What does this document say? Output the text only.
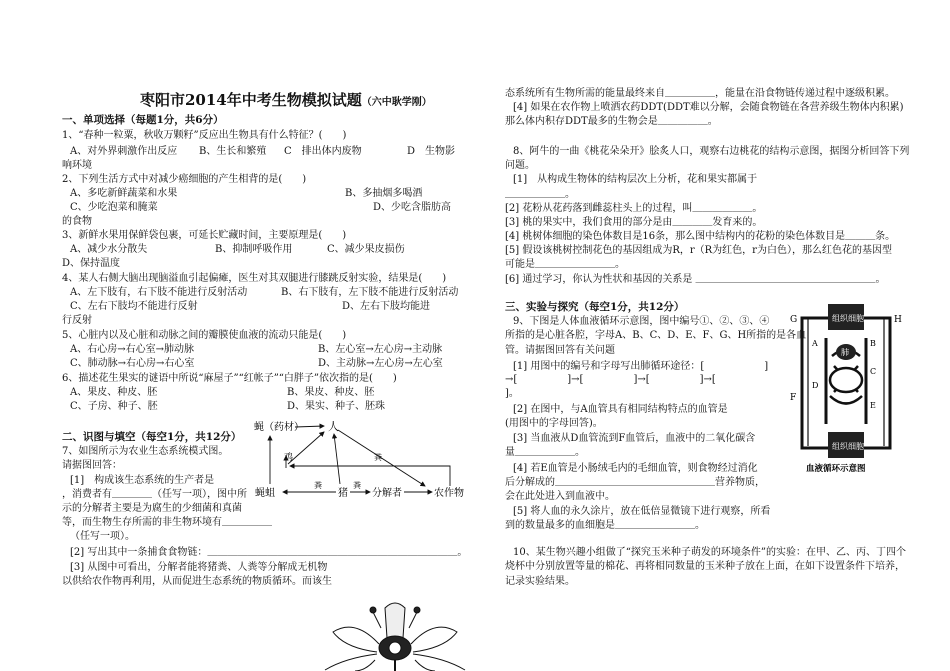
枣阳市2014年中考生物模拟试题（六中耿学刚）
一、单项选择（每题1分，共6分）
1、“春种一粒粟，秋收万颗籽”反应出生物具有什么特征？(　　)
A、对外界刺激作出反应 B、生长和繁殖 C　排出体内废物	D　生物影
响环境
2、下列生活方式中对减少癌细胞的产生相背的是(　　)
A、多吃新鲜蔬菜和水果	B、多抽烟多喝酒
C、少吃泡菜和腌菜	D、少吃含脂肪高
的食物
3、新鲜水果用保鲜袋包裹，可延长贮藏时间，主要原理是(　　)
A、减少水分散失	B、抑制呼吸作用	C、减少果皮损伤
D、保持温度
4、某人右侧大脑出现脑溢血引起偏瘫，医生对其双腿进行膝跳反射实验，结果是(　　)
A、左下肢有，右下肢不能进行反射活动	B、右下肢有，左下肢不能进行反射活动
C、左右下肢均不能进行反射	D、左右下肢均能进
行反射
5、心脏内以及心脏和动脉之间的瓣膜使血液的流动只能是(　　)
A、右心房→右心室→肺动脉	B、左心室→左心房→主动脉
C、肺动脉→右心房→右心室	D、主动脉→左心房→左心室
6、描述花生果实的谜语中所说“麻屋子”“红帐子”“白胖子”依次指的是(　　)
A、果皮、种皮、胚	B、果皮、种皮、胚
C、子房、种子、胚	D、果实、种子、胚珠
二、识图与填空（每空1分，共12分）
7、如图所示为农业生态系统模式图。
请据图回答：
[1]　构成该生态系统的生产者是
，消费者有＿＿＿＿（任写一项），图中所
示的分解者主要是为腐生的少细菌和真菌
等，而生物生存所需的非生物环境有＿＿＿＿＿
（任写一项）。
[2] 写出其中一条捕食食物链：＿＿＿＿＿＿＿＿＿＿＿＿＿＿＿＿＿＿＿＿＿＿＿＿＿。
[3] 从图中可看出，分解者能将猪粪、人粪等分解成无机物
以供给农作物再利用，从而促进生态系统的物质循环。而该生
蝇（药材） 人
鸡
蝇蛆	猪 分解者	农作物
粪	粪
粪
态系统所有生物所需的能量最终来自＿＿＿＿＿，能量在沿食物链传递过程中逐级积累。
[4] 如果在农作物上喷洒农药DDT(DDT难以分解，会随食物链在各营养级生物体内积累)
那么体内积存DDT最多的生物会是＿＿＿＿＿。
8、阿牛的一曲《桃花朵朵开》脍炙人口，观察右边桃花的结构示意图，据图分析回答下列
问题。
[1]　从构成生物体的结构层次上分析，花和果实都属于
＿＿＿＿＿＿。
[2] 花粉从花药落到雌蕊柱头上的过程，叫＿＿＿＿＿＿。
[3] 桃的果实中，我们食用的部分是由＿＿＿＿发育来的。
[4] 桃树体细胞的染色体数目是16条，那么图中结构内的花粉的染色体数目是＿＿＿条。
[5] 假设该桃树控制花色的基因组成为R，r（R为红色，r为白色），那么红色花的基因型
可能是＿＿＿＿＿＿＿＿。
[6] 通过学习，你认为性状和基因的关系是 ＿＿＿＿＿＿＿＿＿＿＿＿＿＿＿＿＿＿。
三、实验与探究（每空1分，共12分）
9、下图是人体血液循环示意图，图中编号①、②、③、④
所指的是心脏各腔，字母A、B、C、D、E、F、G、H所指的是各血
管。请据图回答有关问题
[1] 用图中的编号和字母写出肺循环途径：[　　　　　　]
→[　　　　　]→[　　　　　]→[　　　　　]→[　　　　　
]。
[2] 在图中，与A血管具有相同结构特点的血管是
(用图中的字母回答)。
[3] 当血液从D血管流到F血管后，血液中的二氧化碳含
量＿＿＿＿＿＿。
[4] 若E血管是小肠绒毛内的毛细血管，则食物经过消化
后分解成的＿＿＿＿＿＿＿＿＿＿＿＿＿＿＿＿营养物质，
会在此处进入到血液中。
[5] 将人血的永久涂片，放在低倍显微镜下进行观察，所看
到的数量最多的血细胞是＿＿＿＿＿＿＿＿。
10、某生物兴趣小组做了“探究玉米种子萌发的环境条件”的实验：在甲、乙、丙、丁四个
烧杯中分别放置等量的棉花、再将相同数量的玉米种子放在上面，在如下设置条件下培养，
记录实验结果。
组织细胞
肺
组织细胞
G	H
A	B
C
D
E
F
血液循环示意图
